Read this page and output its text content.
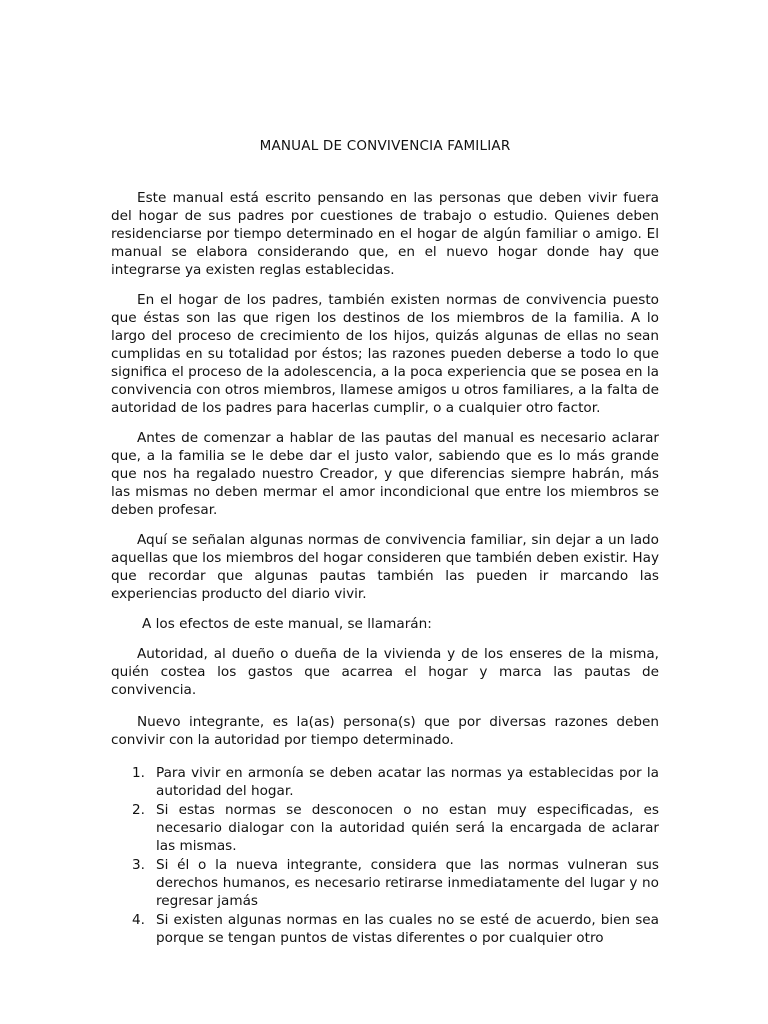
MANUAL DE CONVIVENCIA FAMILIAR

Este manual está escrito pensando en las personas que deben vivir fuera del hogar de sus padres por cuestiones de trabajo o estudio. Quienes deben residenciarse por tiempo determinado en el hogar de algún familiar o amigo. El manual se elabora considerando que, en el nuevo hogar donde hay que integrarse ya existen reglas establecidas.

En el hogar de los padres, también existen normas de convivencia puesto que éstas son las que rigen los destinos de los miembros de la familia. A lo largo del proceso de crecimiento de los hijos, quizás algunas de ellas no sean cumplidas en su totalidad por éstos; las razones pueden deberse a todo lo que significa el proceso de la adolescencia, a la poca experiencia que se posea en la convivencia con otros miembros, llamese amigos u otros familiares, a la falta de autoridad de los padres para hacerlas cumplir, o a cualquier otro factor.

Antes de comenzar a hablar de las pautas del manual es necesario aclarar que, a la familia se le debe dar el justo valor, sabiendo que es lo más grande que nos ha regalado nuestro Creador, y que diferencias siempre habrán, más las mismas no deben mermar el amor incondicional que entre los miembros se deben profesar.

Aquí se señalan algunas normas de convivencia familiar, sin dejar a un lado aquellas que los miembros del hogar consideren que también deben existir. Hay que recordar que algunas pautas también las pueden ir marcando las experiencias producto del diario vivir.

A los efectos de este manual, se llamarán:

Autoridad, al dueño o dueña de la vivienda y de los enseres de la misma, quién costea los gastos que acarrea el hogar y marca las pautas de convivencia.

Nuevo integrante, es la(as) persona(s) que por diversas razones deben convivir con la autoridad por tiempo determinado.

1. Para vivir en armonía se deben acatar las normas ya establecidas por la autoridad del hogar.
2. Si estas normas se desconocen o no estan muy especificadas, es necesario dialogar con la autoridad quién será la encargada de aclarar las mismas.
3. Si él o la nueva integrante, considera que las normas vulneran sus derechos humanos, es necesario retirarse inmediatamente del lugar y no regresar jamás
4. Si existen algunas normas en las cuales no se esté de acuerdo, bien sea porque se tengan puntos de vistas diferentes o por cualquier otro
